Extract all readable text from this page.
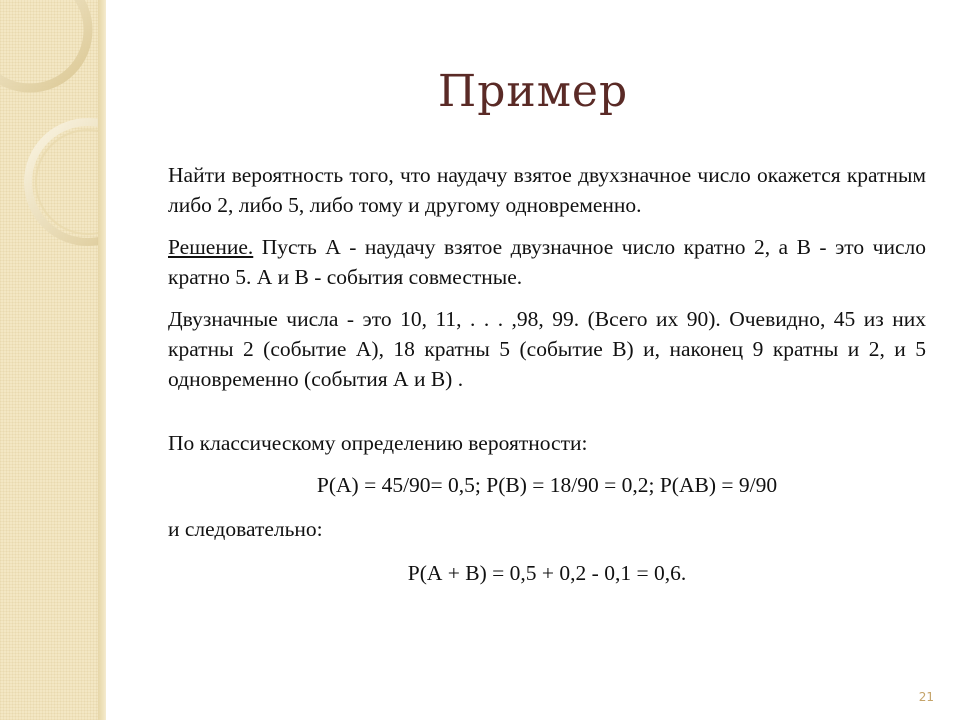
Пример

Найти вероятность того, что наудачу взятое двухзначное число окажется кратным либо 2, либо 5, либо тому и другому одновременно.

Решение. Пусть А - наудачу взятое двузначное число кратно 2, а В - это число кратно 5. А и В - события совместные.

Двузначные числа - это 10, 11, . . . ,98, 99. (Всего их 90). Очевидно, 45 из них кратны 2 (событие А), 18 кратны 5 (событие В) и, наконец 9 кратны и 2, и 5 одновременно (события А и В) .

По классическому определению вероятности:

Р(А) = 45/90= 0,5; Р(В) = 18/90 = 0,2; Р(АВ) = 9/90

и следовательно:

Р(А + В) = 0,5 + 0,2 - 0,1 = 0,6.

21
